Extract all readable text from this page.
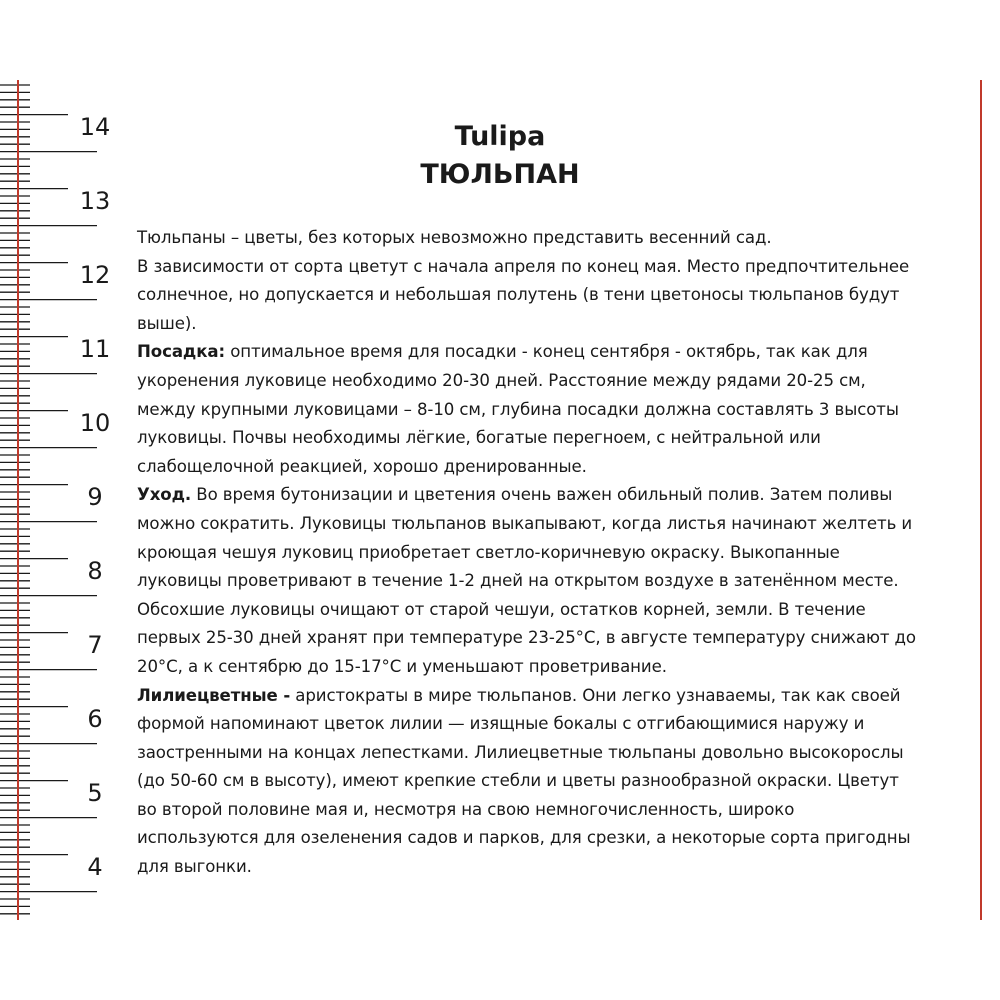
14
13
12
11
10
9
8
7
6
5
4
Tulipa
ТЮЛЬПАН
Тюльпаны – цветы, без которых невозможно представить весенний сад.
В зависимости от сорта цветут с начала апреля по конец мая. Место предпочтительнее
солнечное, но допускается и небольшая полутень (в тени цветоносы тюльпанов будут
выше).
Посадка: оптимальное время для посадки - конец сентября - октябрь, так как для
укоренения луковице необходимо 20-30 дней. Расстояние между рядами 20-25 см,
между крупными луковицами – 8-10 см, глубина посадки должна составлять 3 высоты
луковицы. Почвы необходимы лёгкие, богатые перегноем, с нейтральной или
слабощелочной реакцией, хорошо дренированные.
Уход. Во время бутонизации и цветения очень важен обильный полив. Затем поливы
можно сократить. Луковицы тюльпанов выкапывают, когда листья начинают желтеть и
кроющая чешуя луковиц приобретает светло-коричневую окраску. Выкопанные
луковицы проветривают в течение 1-2 дней на открытом воздухе в затенённом месте.
Обсохшие луковицы очищают от старой чешуи, остатков корней, земли. В течение
первых 25-30 дней хранят при температуре 23-25°С, в августе температуру снижают до
20°С, а к сентябрю до 15-17°С и уменьшают проветривание.
Лилиецветные - аристократы в мире тюльпанов. Они легко узнаваемы, так как своей
формой напоминают цветок лилии — изящные бокалы с отгибающимися наружу и
заостренными на концах лепестками. Лилиецветные тюльпаны довольно высокорослы
(до 50-60 см в высоту), имеют крепкие стебли и цветы разнообразной окраски. Цветут
во второй половине мая и, несмотря на свою немногочисленность, широко
используются для озеленения садов и парков, для срезки, а некоторые сорта пригодны
для выгонки.
